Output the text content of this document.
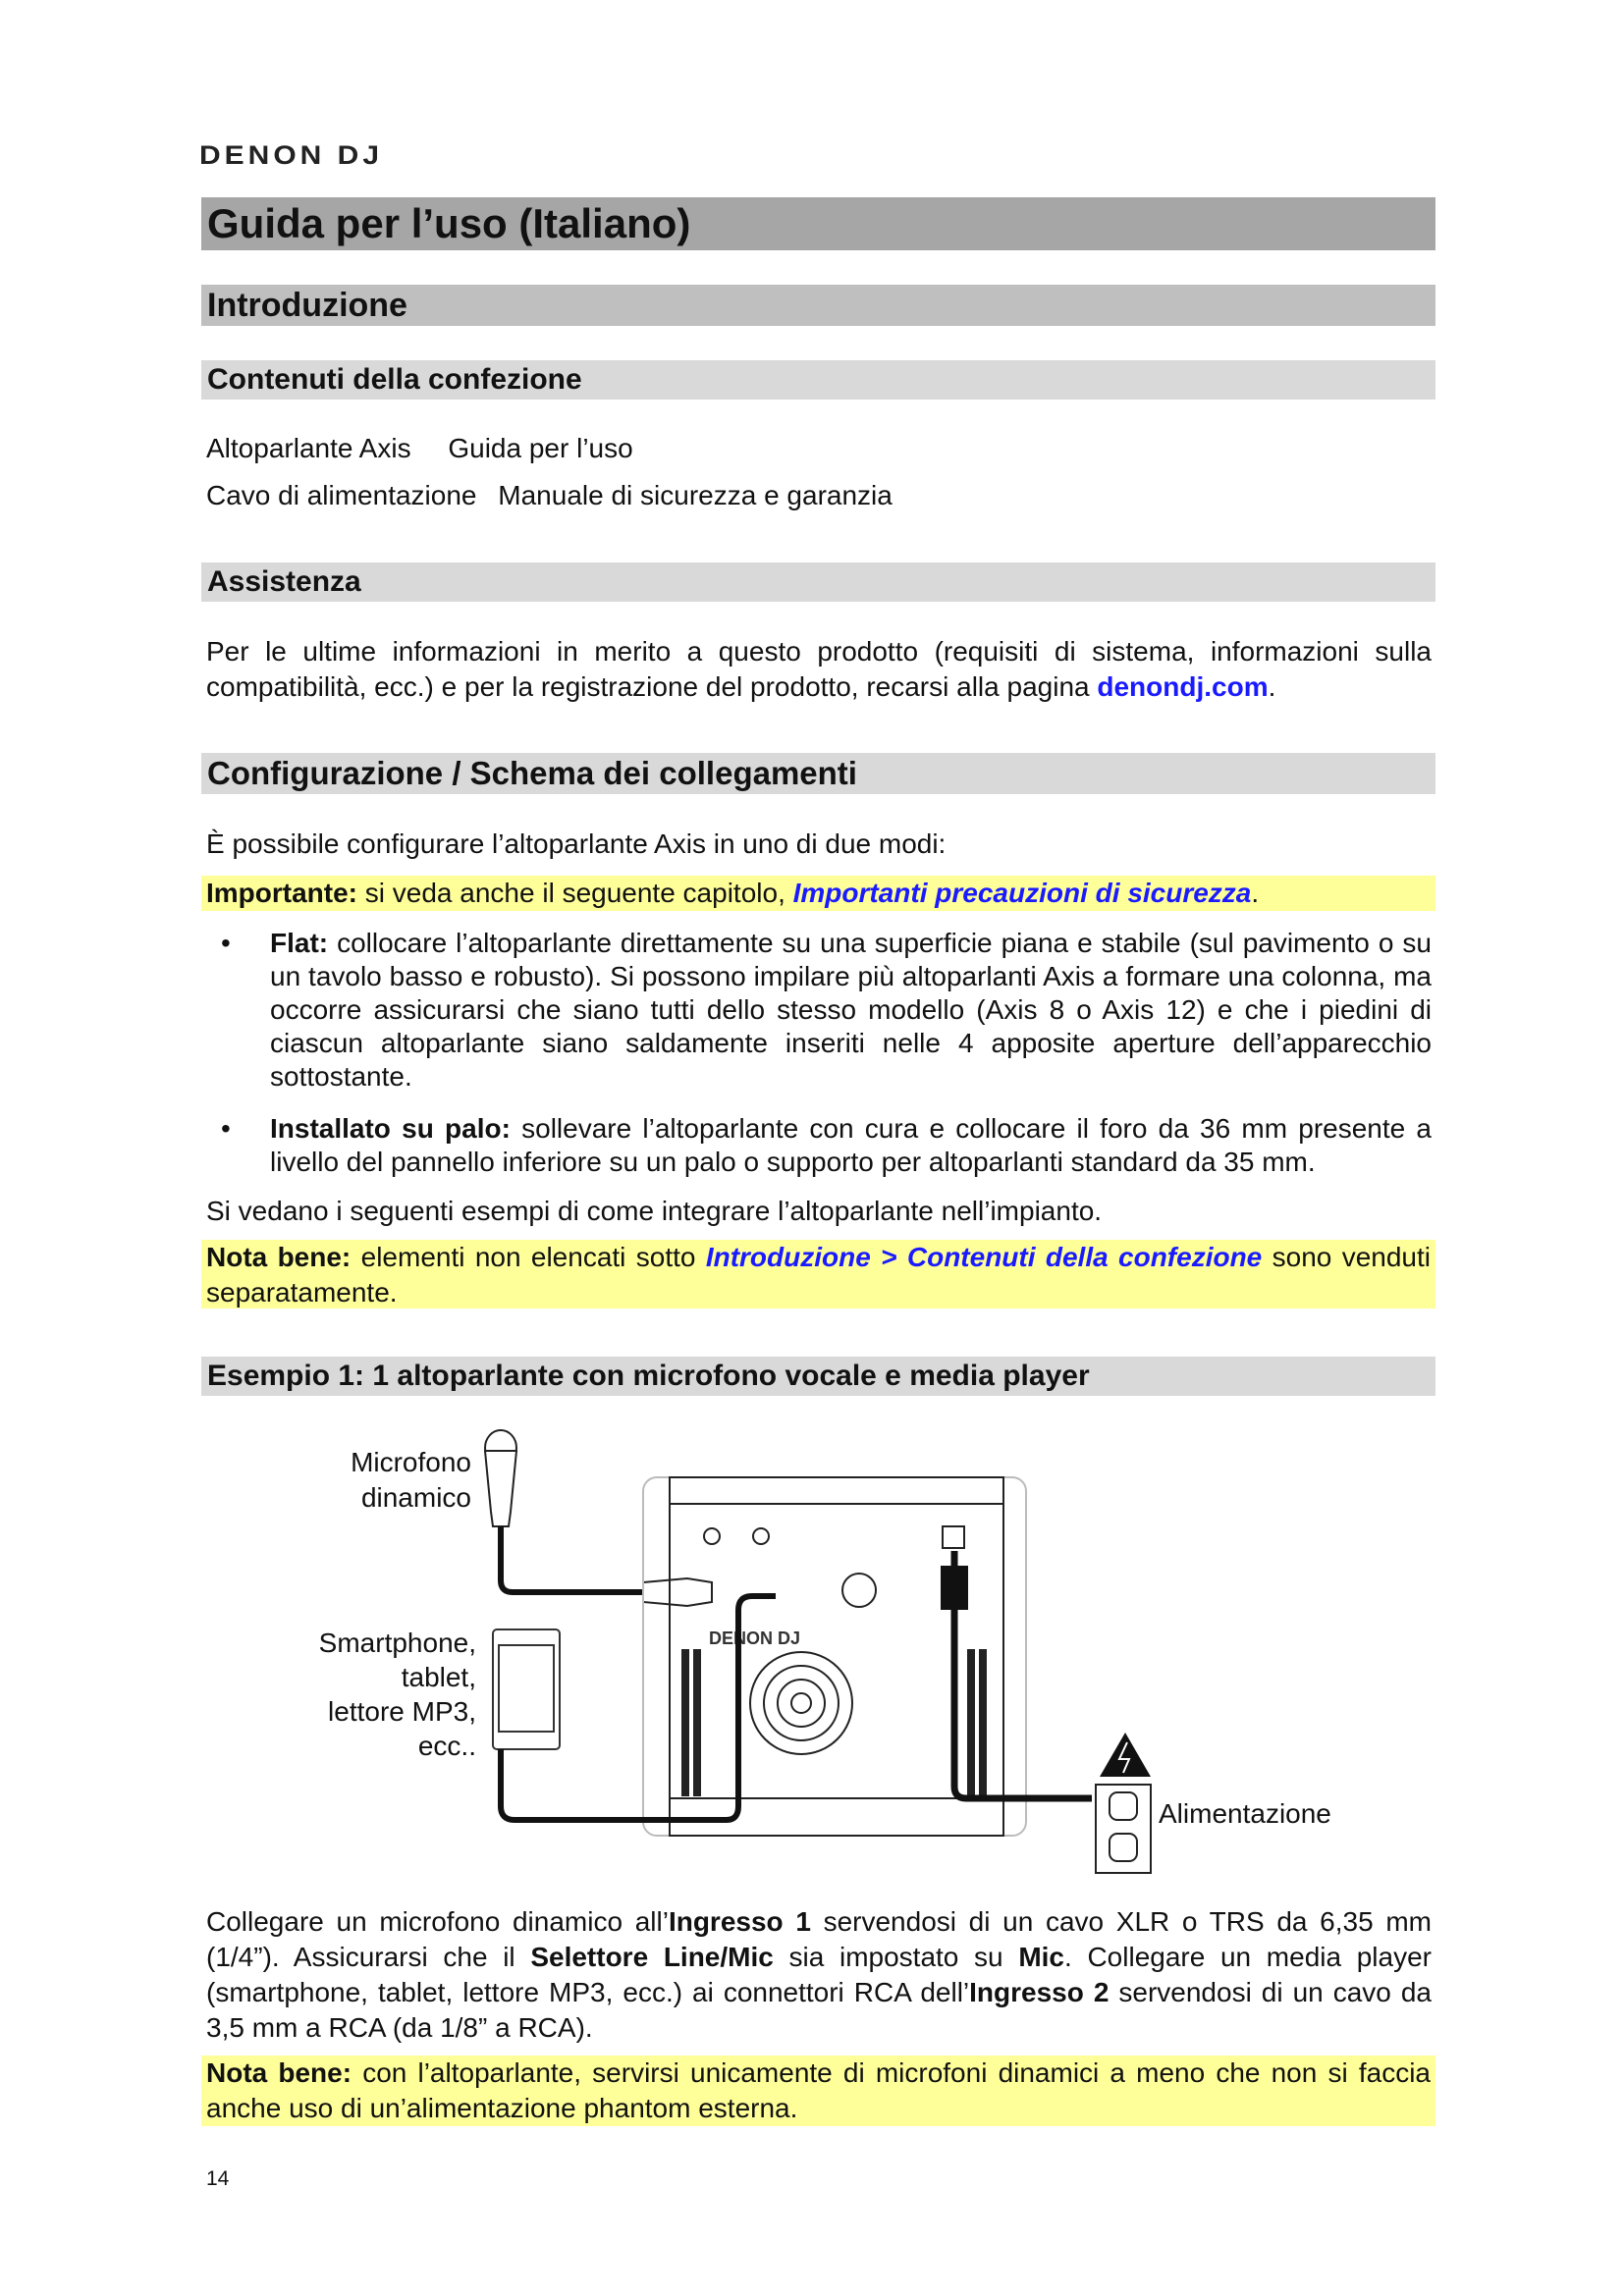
DENON DJ
Guida per l’uso (Italiano)
Introduzione
Contenuti della confezione
Altoparlante Axis Guida per l’uso
Cavo di alimentazione Manuale di sicurezza e garanzia
Assistenza
Per le ultime informazioni in merito a questo prodotto (requisiti di sistema, informazioni sulla compatibilità, ecc.) e per la registrazione del prodotto, recarsi alla pagina denondj.com.
Configurazione / Schema dei collegamenti
È possibile configurare l’altoparlante Axis in uno di due modi:
Importante: si veda anche il seguente capitolo, Importanti precauzioni di sicurezza.
• Flat: collocare l’altoparlante direttamente su una superficie piana e stabile (sul pavimento o su un tavolo basso e robusto). Si possono impilare più altoparlanti Axis a formare una colonna, ma occorre assicurarsi che siano tutti dello stesso modello (Axis 8 o Axis 12) e che i piedini di ciascun altoparlante siano saldamente inseriti nelle 4 apposite aperture dell’apparecchio sottostante.
• Installato su palo: sollevare l’altoparlante con cura e collocare il foro da 36 mm presente a livello del pannello inferiore su un palo o supporto per altoparlanti standard da 35 mm.
Si vedano i seguenti esempi di come integrare l’altoparlante nell’impianto.
Nota bene: elementi non elencati sotto Introduzione > Contenuti della confezione sono venduti separatamente.
Esempio 1: 1 altoparlante con microfono vocale e media player
Microfono
dinamico
Smartphone,
tablet,
lettore MP3,
ecc..
Alimentazione
DENON DJ
Collegare un microfono dinamico all’Ingresso 1 servendosi di un cavo XLR o TRS da 6,35 mm (1/4”). Assicurarsi che il Selettore Line/Mic sia impostato su Mic. Collegare un media player (smartphone, tablet, lettore MP3, ecc.) ai connettori RCA dell’Ingresso 2 servendosi di un cavo da 3,5 mm a RCA (da 1/8” a RCA).
Nota bene: con l’altoparlante, servirsi unicamente di microfoni dinamici a meno che non si faccia anche uso di un’alimentazione phantom esterna.
14
